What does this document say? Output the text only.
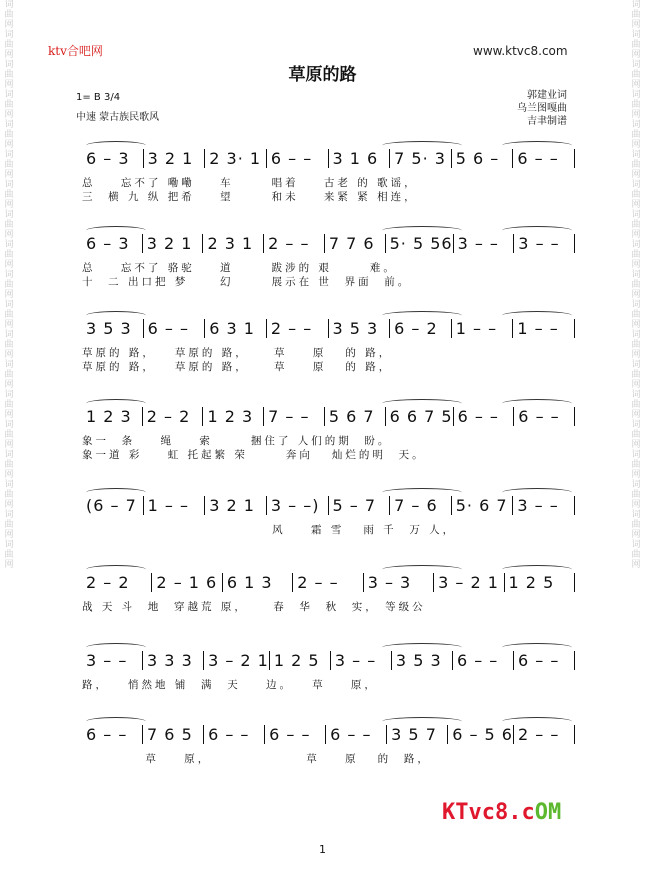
词曲网词曲网词曲网词曲网词曲网词曲网词曲网词曲网词曲网词曲网词曲网词曲网词曲网词曲网词曲网词曲网词曲网词曲网词曲网
词曲网词曲网词曲网词曲网词曲网词曲网词曲网词曲网词曲网词曲网词曲网词曲网词曲网词曲网词曲网词曲网词曲网词曲网词曲网
ktv合吧网	www.ktvc8.com
草原的路
1= B 3/4
中速 蒙古族民歌风
郭建业词
乌兰图嘎曲
吉聿制谱
6 – 3	3 2 1 2 3· 1 6 – –	3 1 6 7 5· 3 5 6 –	6 – –
总    忘不了 嘞嘞    车      唱着    古老 的 歌谣，
三  横 九 纵 把希    望      和未    来紧 紧 相连，
6 – 3	3 2 1 2 3 1 2 – –	7 7 6 5· 5 56 3 – –	3 – –
总    忘不了 骆驼    道      跋涉的 艰      难。
十  二 出口把 梦     幻      展示在 世  界面  前。
3 5 3 6 – –	6 3 1 2 – –	3 5 3 6 – 2	1 – –	1 – –
草原的 路，   草原的 路，    草    原   的 路，
草原的 路，   草原的 路，    草    原   的 路，
1 2 3 2 – 2	1 2 3 7 – –	5 6 7 6 6 7 5 6 – –	6 – –
象一  条    绳    索      捆住了 人们的期  盼。
象一道 彩    虹 托起繁 荣      奔向   灿烂的明  天。
(6 – 7 1 – –	3 2 1 3 – –) 5 – 7	7 – 6	5· 6 7 3 – –
风    霜 雪   雨 千  万 人，
2 – 2	2 – 1 6 6 1 3	2 – –	3 – 3	3 – 2 1 1 2 5
战 天 斗  地  穿越荒 原，    春  华  秋  实， 等级公
3 – –	3 3 3 3 – 2 1 1 2 5 3 – –	3 5 3 6 – –	6 – –
路，   悄然地 铺  满  天    边。   草    原，
6 – –	7 6 5 6 – –	6 – –	6 – –	3 5 7 6 – 5 6 2 – –
草    原，               草    原   的  路，
KTvc8.cOM
1
